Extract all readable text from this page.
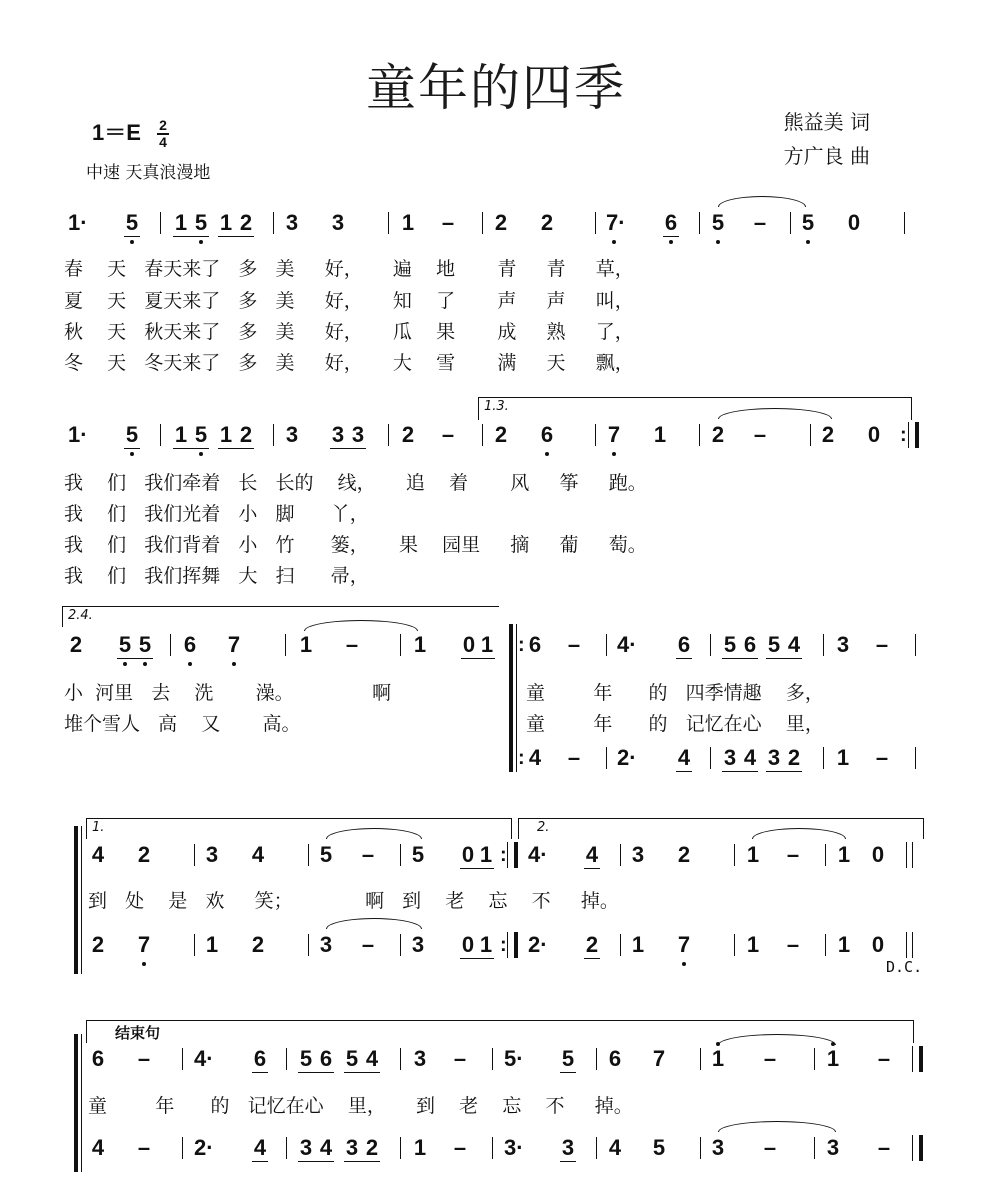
童年的四季
$1=E \frac{2}{4}$
中速 天真浪漫地
熊益美 词
方广良 曲
1· 5 1 5 1 2 3 3	1 – 2 2 7· 6 5 – 5 0
春    天   春天来了   多   美     好，     遍    地       青     青     草，
夏    天   夏天来了   多   美     好，     知    了       声     声     叫，
秋    天   秋天来了   多   美     好，     瓜    果       成     熟     了，
冬    天   冬天来了   多   美     好，     大    雪       满     天     飘，
1.3.
1· 5 1 5 1 2 3 3 3 2 – 2 6 7 1 2 –	2 0 :
我    们   我们牵着   长   长的    线，     追    着       风     筝     跑。
我    们   我们光着   小   脚      丫，
我    们   我们背着   小   竹      篓，     果    园里     摘     葡     萄。
我    们   我们挥舞   大   扫      帚，
2.4.
2 5 5 6 7	1 –	1 0 1
小  河里   去    洗       澡。             啊
堆个雪人   高    又       高。
: 6 – 4· 6 5 6 5 4 3 –
童        年      的   四季情趣    多，
童        年      的   记忆在心    里，
: 4 – 2· 4 3 4 3 2 1 –
1.	2.
4 2	3 4	5 – 5 0 1 : 4· 4 3 2	1 – 1 0
到   处    是   欢     笑；            啊   到    老    忘    不     掉。
2 7	1 2	3 – 3 0 1 : 2· 2 1 7	1 – 1 0
D.C.
结束句
6 – 4· 6 5 6 5 4 3 – 5· 5 6 7 1 – 1 –
童        年      的   记忆在心    里，     到    老    忘    不     掉。
4 – 2· 4 3 4 3 2 1 – 3· 3 4 5 3 – 3 –
